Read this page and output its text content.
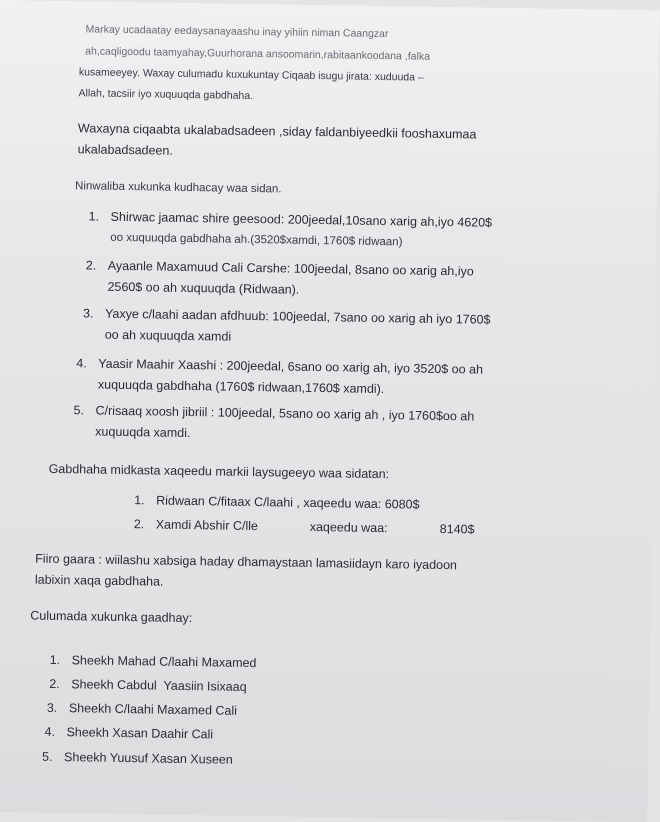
Markay ucadaatay eedaysanayaashu inay yihiin niman Caangzar

ah,caqligoodu taamyahay,Guurhorana ansoomarin,rabitaankoodana ,falka

kusameeyey. Waxay culumadu kuxukuntay Ciqaab isugu jirata: xuduuda –

Allah, tacsiir iyo xuquuqda gabdhaha.

Waxayna ciqaabta ukalabadsadeen ,siday faldanbiyeedkii fooshaxumaa

ukalabadsadeen.

Ninwaliba xukunka kudhacay waa sidan.

1. Shirwac jaamac shire geesood: 200jeedal,10sano xarig ah,iyo 4620$

oo xuquuqda gabdhaha ah.(3520$xamdi, 1760$ ridwaan)

2. Ayaanle Maxamuud Cali Carshe: 100jeedal, 8sano oo xarig ah,iyo

2560$ oo ah xuquuqda (Ridwaan).

3. Yaxye c/laahi aadan afdhuub: 100jeedal, 7sano oo xarig ah iyo 1760$

oo ah xuquuqda xamdi

4. Yaasir Maahir Xaashi : 200jeedal, 6sano oo xarig ah, iyo 3520$ oo ah

xuquuqda gabdhaha (1760$ ridwaan,1760$ xamdi).

5. C/risaaq xoosh jibriil : 100jeedal, 5sano oo xarig ah , iyo 1760$oo ah

xuquuqda xamdi.

Gabdhaha midkasta xaqeedu markii laysugeeyo waa sidatan:

1. Ridwaan C/fitaax C/laahi , xaqeedu waa: 6080$

2. Xamdi Abshir C/lle	xaqeedu waa:	8140$

Fiiro gaara : wiilashu xabsiga haday dhamaystaan lamasiidayn karo iyadoon

labixin xaqa gabdhaha.

Culumada xukunka gaadhay:

1. Sheekh Mahad C/laahi Maxamed

2. Sheekh Cabdul  Yaasiin Isixaaq

3. Sheekh C/laahi Maxamed Cali

4. Sheekh Xasan Daahir Cali

5. Sheekh Yuusuf Xasan Xuseen
